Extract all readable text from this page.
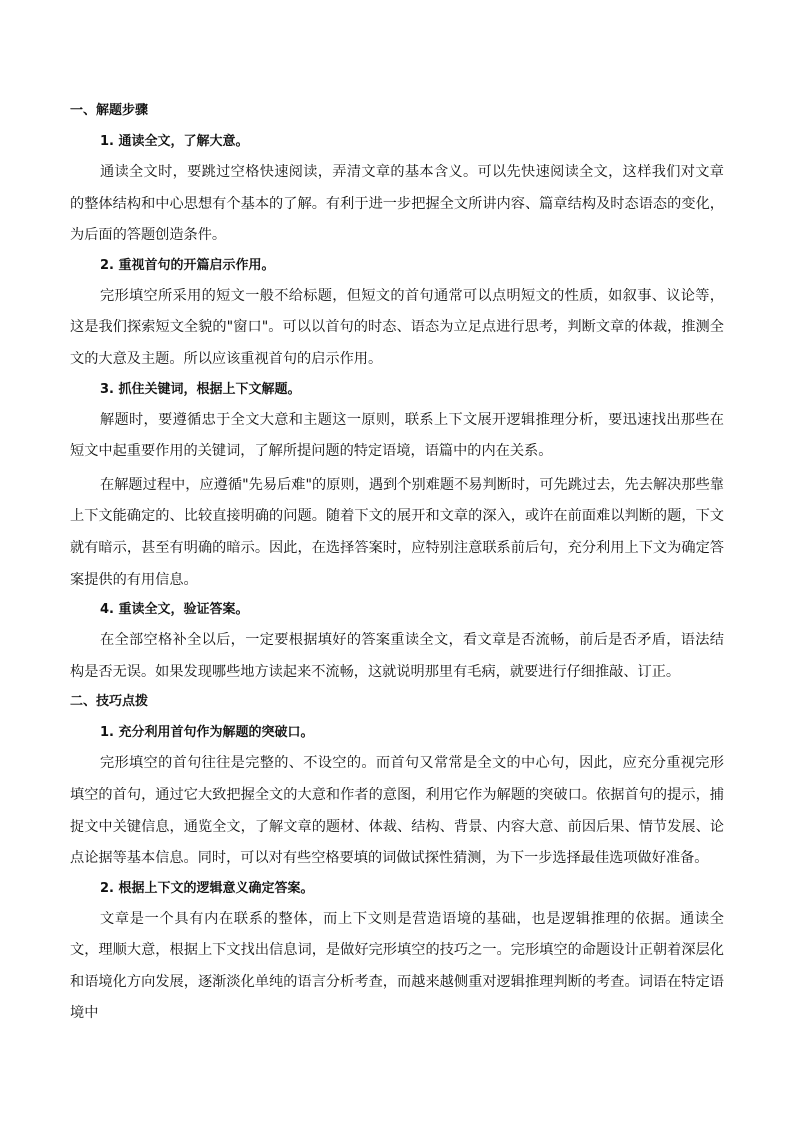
一、解题步骤
1. 通读全文，了解大意。

通读全文时，要跳过空格快速阅读，弄清文章的基本含义。可以先快速阅读全文，这样我们对文章的整体结构和中心思想有个基本的了解。有利于进一步把握全文所讲内容、篇章结构及时态语态的变化，为后面的答题创造条件。

2. 重视首句的开篇启示作用。

完形填空所采用的短文一般不给标题，但短文的首句通常可以点明短文的性质，如叙事、议论等，这是我们探索短文全貌的"窗口"。可以以首句的时态、语态为立足点进行思考，判断文章的体裁，推测全文的大意及主题。所以应该重视首句的启示作用。

3. 抓住关键词，根据上下文解题。

解题时，要遵循忠于全文大意和主题这一原则，联系上下文展开逻辑推理分析，要迅速找出那些在短文中起重要作用的关键词，了解所提问题的特定语境，语篇中的内在关系。

在解题过程中，应遵循"先易后难"的原则，遇到个别难题不易判断时，可先跳过去，先去解决那些靠上下文能确定的、比较直接明确的问题。随着下文的展开和文章的深入，或许在前面难以判断的题，下文就有暗示，甚至有明确的暗示。因此，在选择答案时，应特别注意联系前后句，充分利用上下文为确定答案提供的有用信息。

4. 重读全文，验证答案。

在全部空格补全以后，一定要根据填好的答案重读全文，看文章是否流畅，前后是否矛盾，语法结构是否无误。如果发现哪些地方读起来不流畅，这就说明那里有毛病，就要进行仔细推敲、订正。

二、技巧点拨
1. 充分利用首句作为解题的突破口。

完形填空的首句往往是完整的、不设空的。而首句又常常是全文的中心句，因此，应充分重视完形填空的首句，通过它大致把握全文的大意和作者的意图，利用它作为解题的突破口。依据首句的提示，捕捉文中关键信息，通览全文，了解文章的题材、体裁、结构、背景、内容大意、前因后果、情节发展、论点论据等基本信息。同时，可以对有些空格要填的词做试探性猜测，为下一步选择最佳选项做好准备。

2. 根据上下文的逻辑意义确定答案。

文章是一个具有内在联系的整体，而上下文则是营造语境的基础，也是逻辑推理的依据。通读全文，理顺大意，根据上下文找出信息词，是做好完形填空的技巧之一。完形填空的命题设计正朝着深层化和语境化方向发展，逐渐淡化单纯的语言分析考查，而越来越侧重对逻辑推理判断的考查。词语在特定语境中
